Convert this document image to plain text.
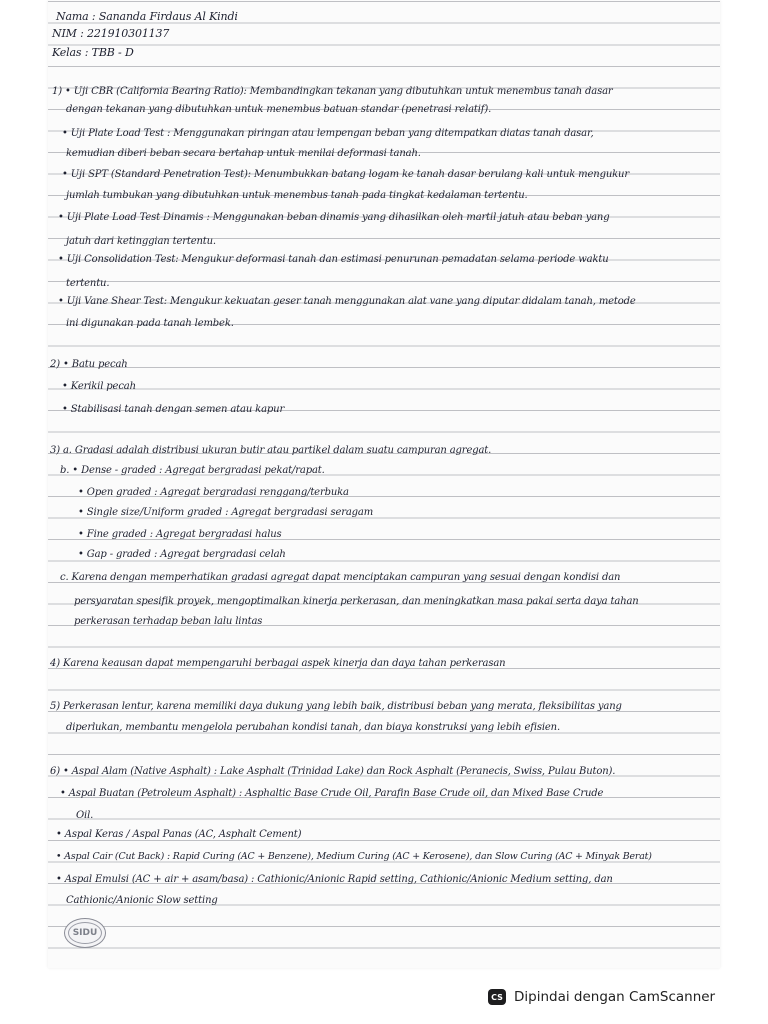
Nama : Sananda Firdaus Al Kindi
NIM : 221910301137
Kelas : TBB - D
1) • Uji CBR (California Bearing Ratio): Membandingkan tekanan yang dibutuhkan untuk menembus tanah dasar
dengan tekanan yang dibutuhkan untuk menembus batuan standar (penetrasi relatif).
• Uji Plate Load Test : Menggunakan piringan atau lempengan beban yang ditempatkan diatas tanah dasar,
kemudian diberi beban secara bertahap untuk menilai deformasi tanah.
• Uji SPT (Standard Penetration Test): Menumbukkan batang logam ke tanah dasar berulang kali untuk mengukur
jumlah tumbukan yang dibutuhkan untuk menembus tanah pada tingkat kedalaman tertentu.
• Uji Plate Load Test Dinamis : Menggunakan beban dinamis yang dihasilkan oleh martil jatuh atau beban yang
jatuh dari ketinggian tertentu.
• Uji Consolidation Test: Mengukur deformasi tanah dan estimasi penurunan pemadatan selama periode waktu
tertentu.
• Uji Vane Shear Test: Mengukur kekuatan geser tanah menggunakan alat vane yang diputar didalam tanah, metode
ini digunakan pada tanah lembek.
2) • Batu pecah
• Kerikil pecah
• Stabilisasi tanah dengan semen atau kapur
3) a. Gradasi adalah distribusi ukuran butir atau partikel dalam suatu campuran agregat.
b. • Dense - graded : Agregat bergradasi pekat/rapat.
• Open graded : Agregat bergradasi renggang/terbuka
• Single size/Uniform graded : Agregat bergradasi seragam
• Fine graded : Agregat bergradasi halus
• Gap - graded : Agregat bergradasi celah
c. Karena dengan memperhatikan gradasi agregat dapat menciptakan campuran yang sesuai dengan kondisi dan
persyaratan spesifik proyek, mengoptimalkan kinerja perkerasan, dan meningkatkan masa pakai serta daya tahan
perkerasan terhadap beban lalu lintas
4) Karena keausan dapat mempengaruhi berbagai aspek kinerja dan daya tahan perkerasan
5) Perkerasan lentur, karena memiliki daya dukung yang lebih baik, distribusi beban yang merata, fleksibilitas yang
diperlukan, membantu mengelola perubahan kondisi tanah, dan biaya konstruksi yang lebih efisien.
6) • Aspal Alam (Native Asphalt) : Lake Asphalt (Trinidad Lake) dan Rock Asphalt (Peranecis, Swiss, Pulau Buton).
• Aspal Buatan (Petroleum Asphalt) : Asphaltic Base Crude Oil, Parafin Base Crude oil, dan Mixed Base Crude
Oil.
• Aspal Keras / Aspal Panas (AC, Asphalt Cement)
• Aspal Cair (Cut Back) : Rapid Curing (AC + Benzene), Medium Curing (AC + Kerosene), dan Slow Curing (AC + Minyak Berat)
• Aspal Emulsi (AC + air + asam/basa) : Cathionic/Anionic Rapid setting, Cathionic/Anionic Medium setting, dan
Cathionic/Anionic Slow setting
SIDU
CS Dipindai dengan CamScanner
